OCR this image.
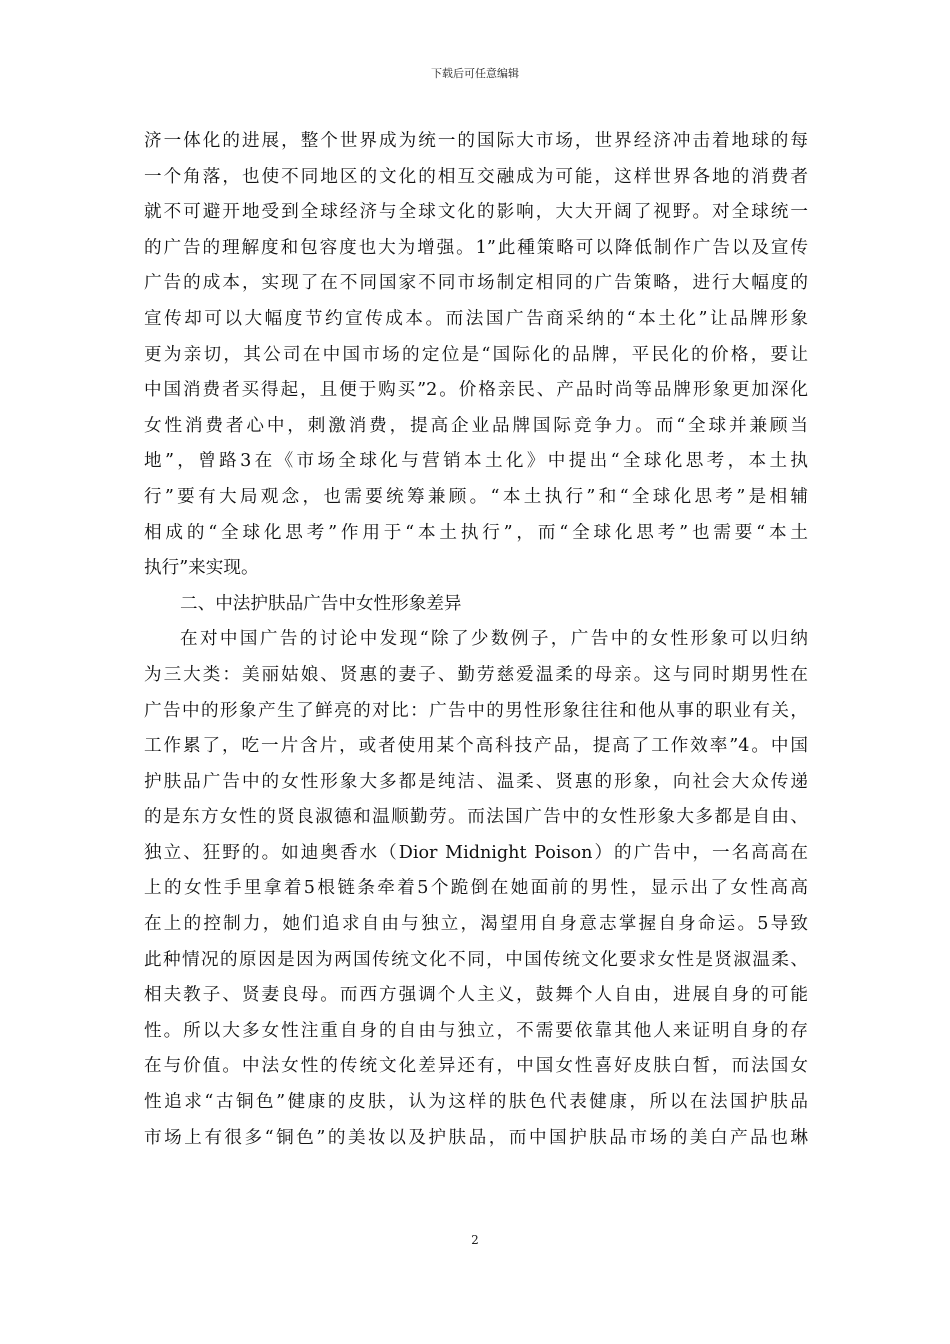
下载后可任意编辑
济一体化的进展，整个世界成为统一的国际大市场，世界经济冲击着地球的每
一个角落，也使不同地区的文化的相互交融成为可能，这样世界各地的消费者
就不可避开地受到全球经济与全球文化的影响，大大开阔了视野。对全球统一
的广告的理解度和包容度也大为增强。1”此種策略可以降低制作广告以及宣传
广告的成本，实现了在不同国家不同市场制定相同的广告策略，进行大幅度的
宣传却可以大幅度节约宣传成本。而法国广告商采纳的“本土化”让品牌形象
更为亲切，其公司在中国市场的定位是“国际化的品牌，平民化的价格，要让
中国消费者买得起，且便于购买”2。价格亲民、产品时尚等品牌形象更加深化
女性消费者心中，刺激消费，提高企业品牌国际竞争力。而“全球并兼顾当
地”，曾路3在《市场全球化与营销本土化》中提出“全球化思考，本土执
行”要有大局观念，也需要统筹兼顾。“本土执行”和“全球化思考”是相辅
相成的“全球化思考”作用于“本土执行”，而“全球化思考”也需要“本土
执行”来实现。
二、中法护肤品广告中女性形象差异
在对中国广告的讨论中发现“除了少数例子，广告中的女性形象可以归纳
为三大类：美丽姑娘、贤惠的妻子、勤劳慈爱温柔的母亲。这与同时期男性在
广告中的形象产生了鲜亮的对比：广告中的男性形象往往和他从事的职业有关，
工作累了，吃一片含片，或者使用某个高科技产品，提高了工作效率”4。中国
护肤品广告中的女性形象大多都是纯洁、温柔、贤惠的形象，向社会大众传递
的是东方女性的贤良淑德和温顺勤劳。而法国广告中的女性形象大多都是自由、
独立、狂野的。如迪奥香水（Dior Midnight Poison）的广告中，一名高高在
上的女性手里拿着5根链条牵着5个跪倒在她面前的男性，显示出了女性高高
在上的控制力，她们追求自由与独立，渴望用自身意志掌握自身命运。5导致
此种情况的原因是因为两国传统文化不同，中国传统文化要求女性是贤淑温柔、
相夫教子、贤妻良母。而西方强调个人主义，鼓舞个人自由，进展自身的可能
性。所以大多女性注重自身的自由与独立，不需要依靠其他人来证明自身的存
在与价值。中法女性的传统文化差异还有，中国女性喜好皮肤白皙，而法国女
性追求“古铜色”健康的皮肤，认为这样的肤色代表健康，所以在法国护肤品
市场上有很多“铜色”的美妆以及护肤品，而中国护肤品市场的美白产品也琳
2
